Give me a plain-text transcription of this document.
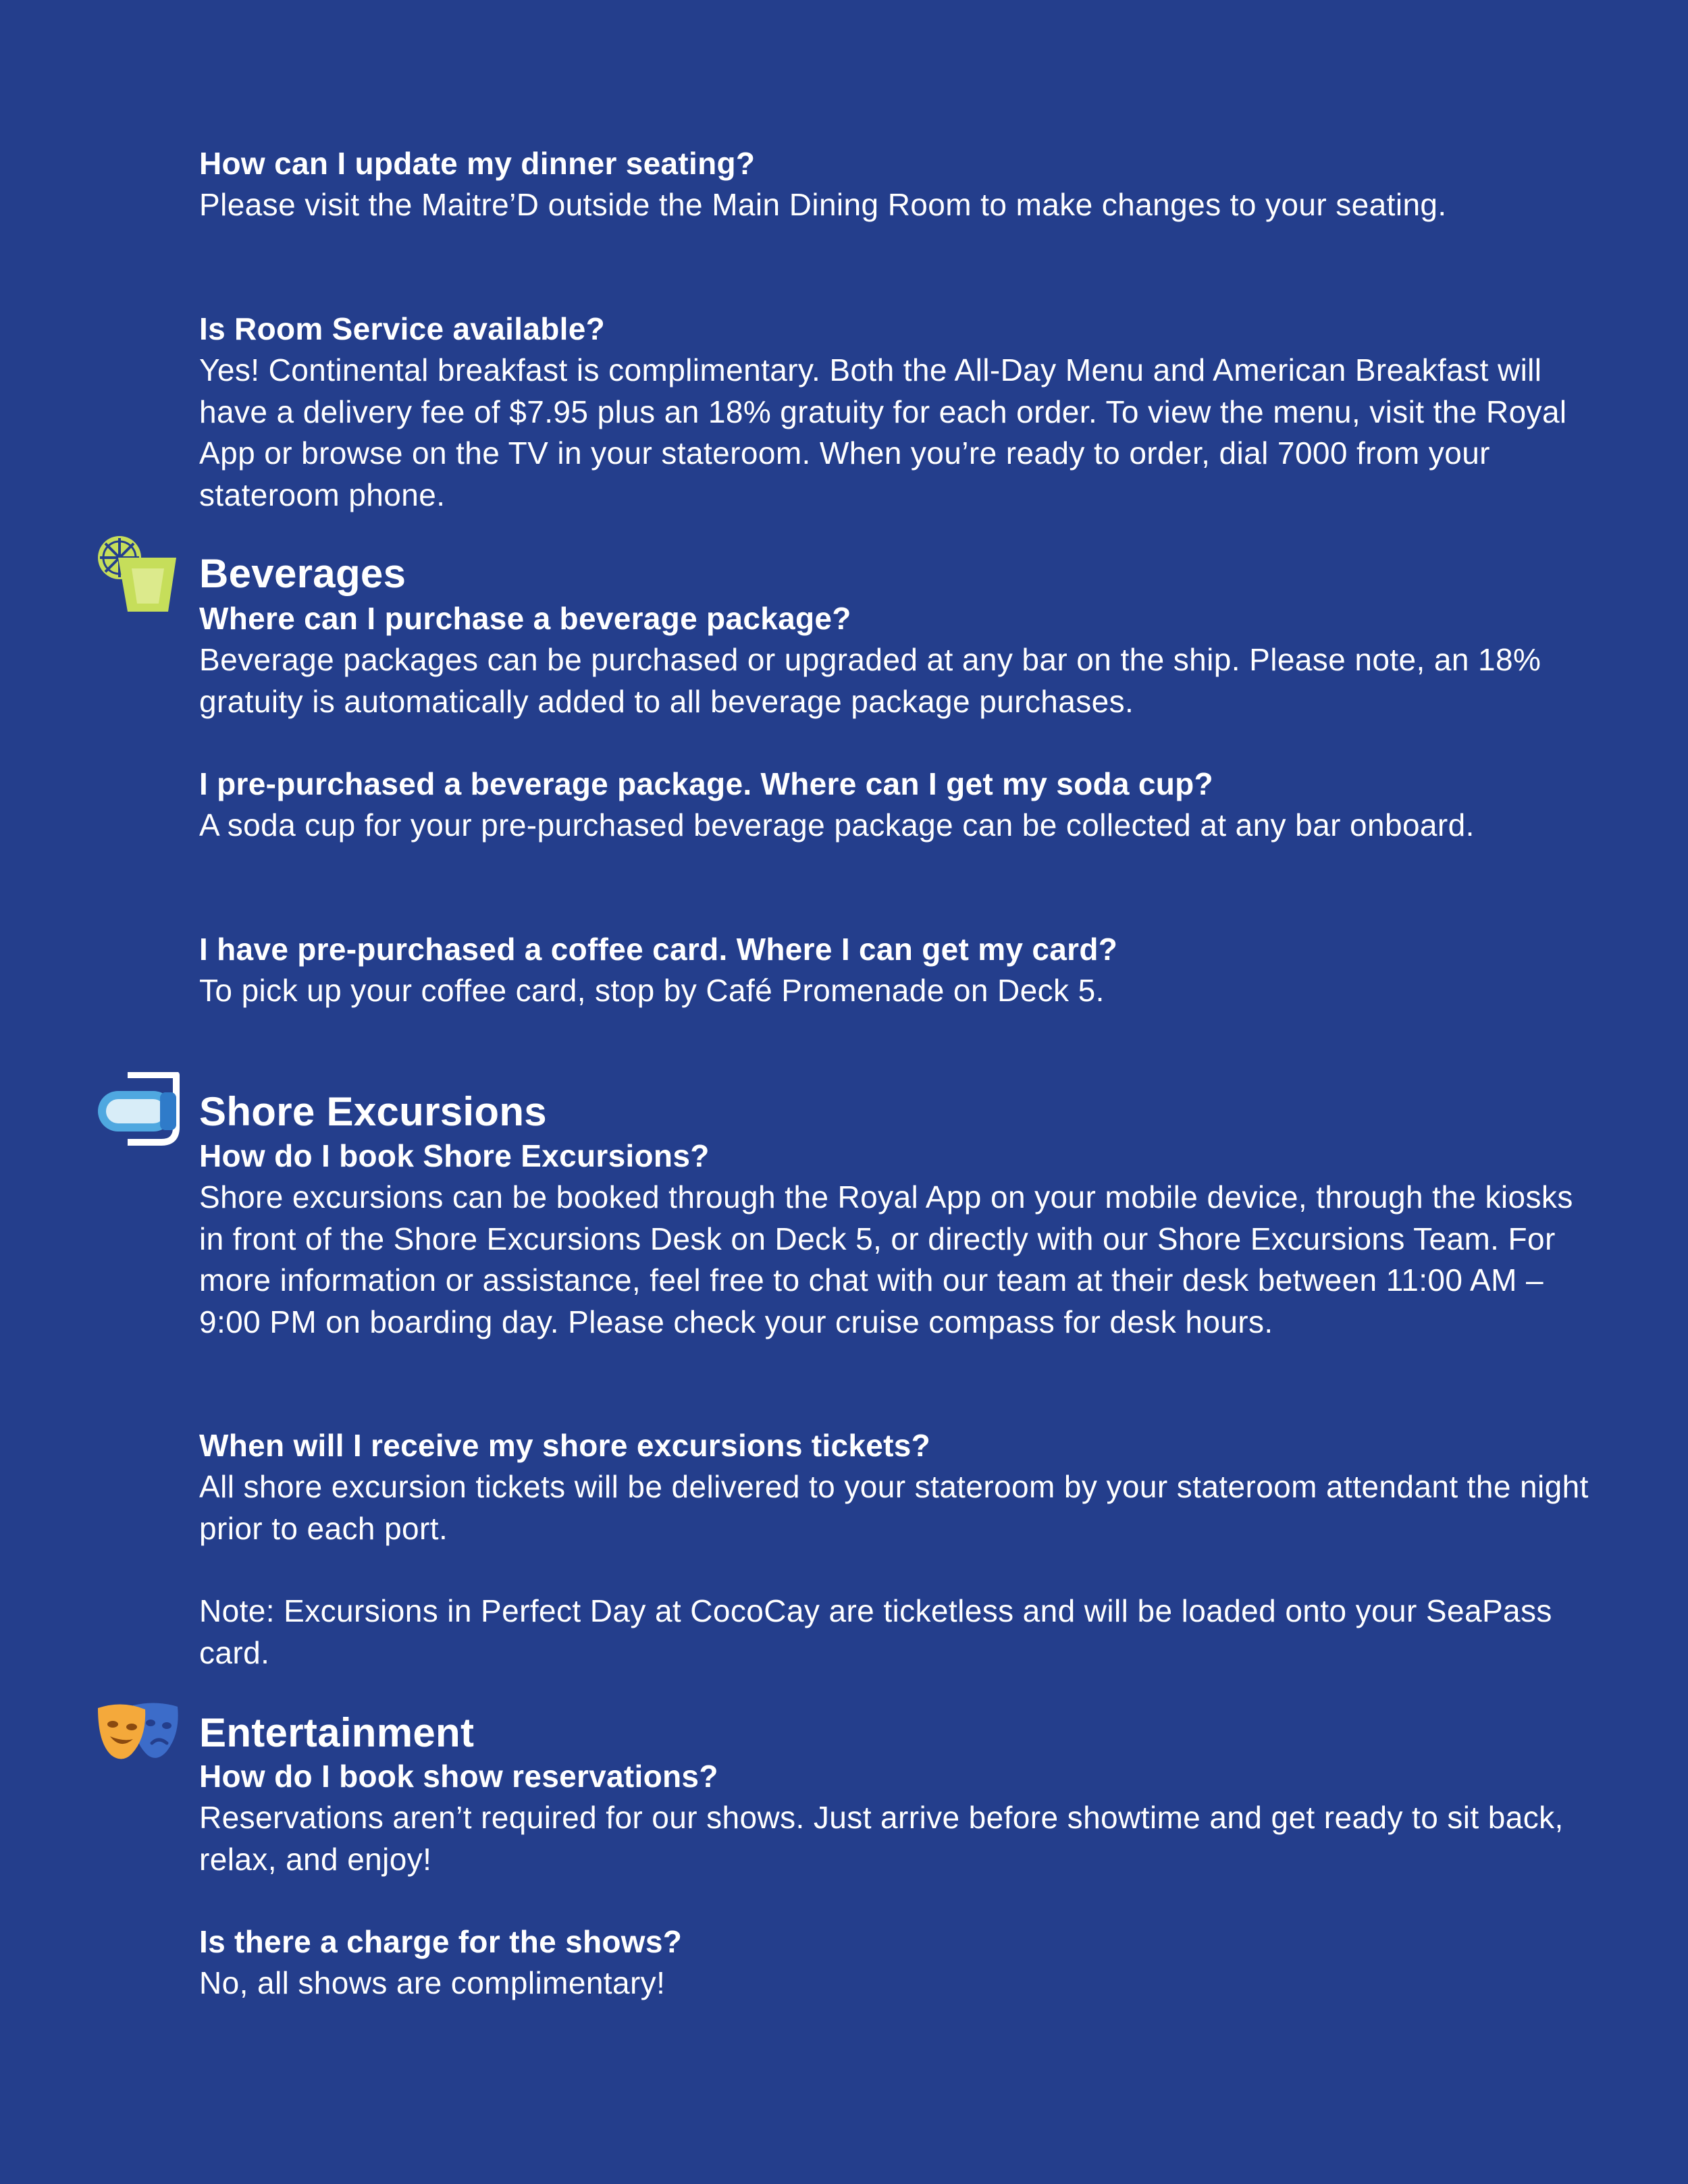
How can I update my dinner seating?

Please visit the Maitre’D outside the Main Dining Room to make changes to your seating.

Is Room Service available?

Yes! Continental breakfast is complimentary. Both the All-Day Menu and American Breakfast will have a delivery fee of $7.95 plus an 18% gratuity for each order. To view the menu, visit the Royal App or browse on the TV in your stateroom. When you’re ready to order, dial 7000 from your stateroom phone.

Beverages

Where can I purchase a beverage package?

Beverage packages can be purchased or upgraded at any bar on the ship. Please note, an 18% gratuity is automatically added to all beverage package purchases.

I pre-purchased a beverage package. Where can I get my soda cup?

A soda cup for your pre-purchased beverage package can be collected at any bar onboard.

I have pre-purchased a coffee card. Where I can get my card?

To pick up your coffee card, stop by Café Promenade on Deck 5.

Shore Excursions

How do I book Shore Excursions?

Shore excursions can be booked through the Royal App on your mobile device, through the kiosks in front of the Shore Excursions Desk on Deck 5, or directly with our Shore Excursions Team. For more information or assistance, feel free to chat with our team at their desk between 11:00 AM – 9:00 PM on boarding day. Please check your cruise compass for desk hours.

When will I receive my shore excursions tickets?

All shore excursion tickets will be delivered to your stateroom by your stateroom attendant the night prior to each port.

Note: Excursions in Perfect Day at CocoCay are ticketless and will be loaded onto your SeaPass card.

Entertainment

How do I book show reservations?

Reservations aren’t required for our shows. Just arrive before showtime and get ready to sit back, relax, and enjoy!

Is there a charge for the shows?

No, all shows are complimentary!
